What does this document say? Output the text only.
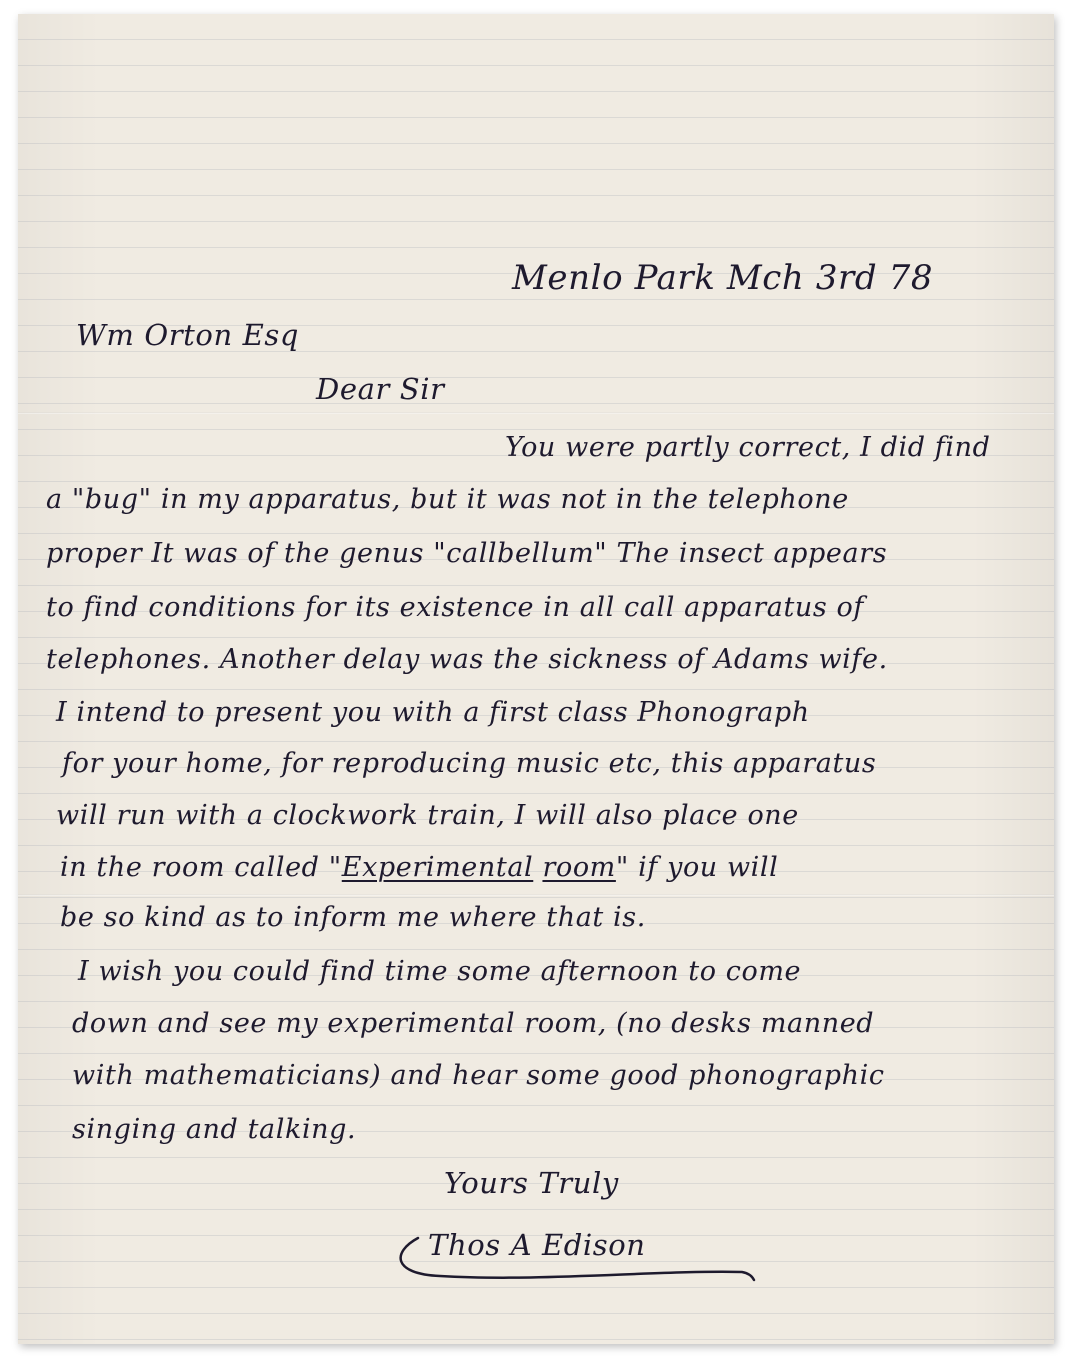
Menlo Park Mch 3rd 78
Wm Orton Esq
Dear Sir
You were partly correct, I did find
a "bug" in my apparatus, but it was not in the telephone
proper It was of the genus "callbellum" The insect appears
to find conditions for its existence in all call apparatus of
telephones. Another delay was the sickness of Adams wife.
I intend to present you with a first class Phonograph
for your home, for reproducing music etc, this apparatus
will run with a clockwork train, I will also place one
in the room called "Experimental room" if you will
be so kind as to inform me where that is.
I wish you could find time some afternoon to come
down and see my experimental room, (no desks manned
with mathematicians) and hear some good phonographic
singing and talking.
Yours Truly
Thos A Edison
